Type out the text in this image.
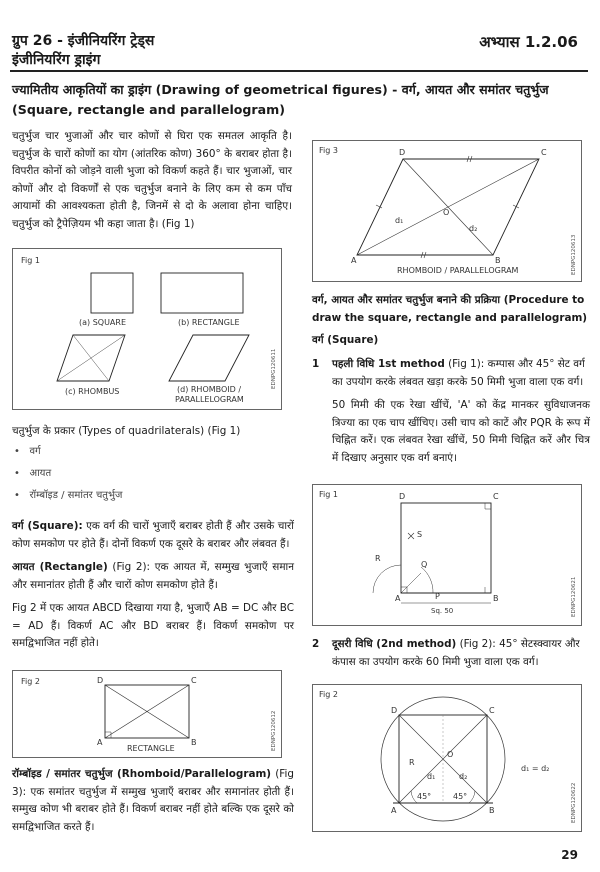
ग्रुप 26 - इंजीनियरिंग ट्रेड्स
इंजीनियरिंग ड्राइंग
अभ्यास 1.2.06
ज्यामितीय आकृतियों का ड्राइंग (Drawing of geometrical figures) - वर्ग, आयत और समांतर चतुर्भुज
(Square, rectangle and parallelogram)

चतुर्भुज चार भुजाओं और चार कोणों से घिरा एक समतल आकृति है। चतुर्भुज के चारों कोणों का योग (आंतरिक कोण) 360° के बराबर होता है। विपरीत कोनों को जोड़ने वाली भुजा को विकर्ण कहते हैं। चार भुजाओं, चार कोणों और दो विकर्णों से एक चतुर्भुज बनाने के लिए कम से कम पाँच आयामों की आवश्यकता होती है, जिनमें से दो के अलावा होना चाहिए। चतुर्भुज को ट्रैपेज़ियम भी कहा जाता है। (Fig 1)

Fig 1
(a) SQUARE	(b) RECTANGLE
(c) RHOMBUS	(d) RHOMBOID /
PARALLELOGRAM
EDNPG120611
चतुर्भुज के प्रकार (Types of quadrilaterals) (Fig 1)
•   वर्ग
•   आयत
•   रॉम्बॉइड / समांतर चतुर्भुज

वर्ग (Square): एक वर्ग की चारों भुजाएँ बराबर होती हैं और उसके चारों कोण समकोण पर होते हैं। दोनों विकर्ण एक दूसरे के बराबर और लंबवत हैं।

आयत (Rectangle) (Fig 2): एक आयत में, सम्मुख भुजाएँ समान और समानांतर होती हैं और चारों कोण समकोण होते हैं।

Fig 2 में एक आयत ABCD दिखाया गया है, भुजाएँ AB = DC और BC = AD हैं। विकर्ण AC और BD बराबर हैं। विकर्ण समकोण पर समद्विभाजित नहीं होते।

Fig 2	D	C
A	B
RECTANGLE	EDNPG120612

रॉम्बॉइड / समांतर चतुर्भुज (Rhomboid/Parallelogram) (Fig 3): एक समांतर चतुर्भुज में सम्मुख भुजाएँ बराबर और समानांतर होती हैं। सम्मुख कोण भी बराबर होते हैं। विकर्ण बराबर नहीं होते बल्कि एक दूसरे को समद्विभाजित करते हैं।

Fig 3	D	C
A	B
O
d₁
d₂
RHOMBOID / PARALLELOGRAM	EDNPG120613
वर्ग, आयत और समांतर चतुर्भुज बनाने की प्रक्रिया (Procedure to draw the square, rectangle and parallelogram)
वर्ग (Square)
1	पहली विधि 1st method (Fig 1): कम्पास और 45° सेट वर्ग का उपयोग करके लंबवत खड़ा करके 50 मिमी भुजा वाला एक वर्ग।
50 मिमी की एक रेखा खींचें, 'A' को केंद्र मानकर सुविधाजनक त्रिज्या का एक चाप खींचिए। उसी चाप को काटें और PQR के रूप में चिह्नित करें। एक लंबवत रेखा खींचें, 50 मिमी चिह्नित करें और चित्र में दिखाए अनुसार एक वर्ग बनाएं।
Fig 1	D	C
A	B
P
Q
R
S
Sq. 50	EDNPG120621
2	दूसरी विधि (2nd method) (Fig 2): 45° सेटस्क्वायर और कंपास का उपयोग करके 60 मिमी भुजा वाला एक वर्ग।
Fig 2
D	C
A	B
O
R
d₁	d₂
45°	45°
d₁ = d₂
EDNPG120622
29
